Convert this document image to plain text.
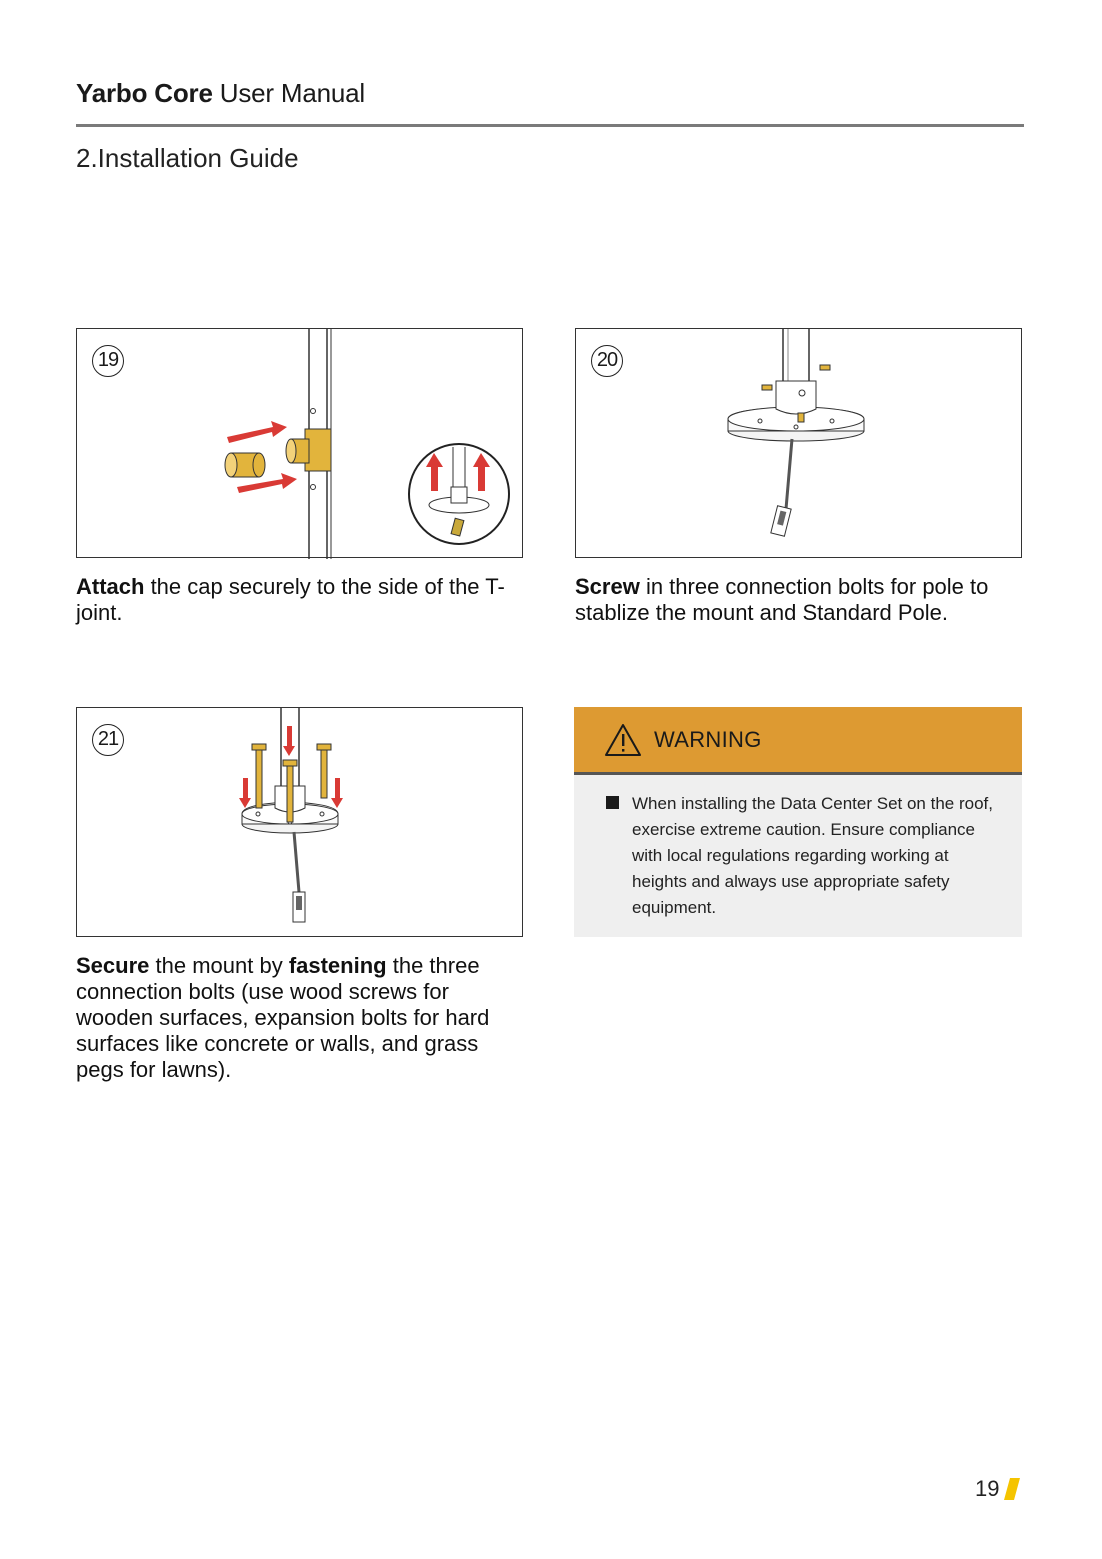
Yarbo Core User Manual
2.Installation Guide
19
Attach the cap securely to the side of the T-joint.
20
Screw in three connection bolts for pole to stablize the mount and Standard Pole.
21
Secure the mount by fastening the three connection bolts (use wood screws for wooden surfaces, expansion bolts for hard surfaces like concrete or walls, and grass pegs for lawns).
WARNING
When installing the Data Center Set on the roof, exercise extreme caution. Ensure compliance with local regulations regarding working at heights and always use appropriate safety equipment.
19
